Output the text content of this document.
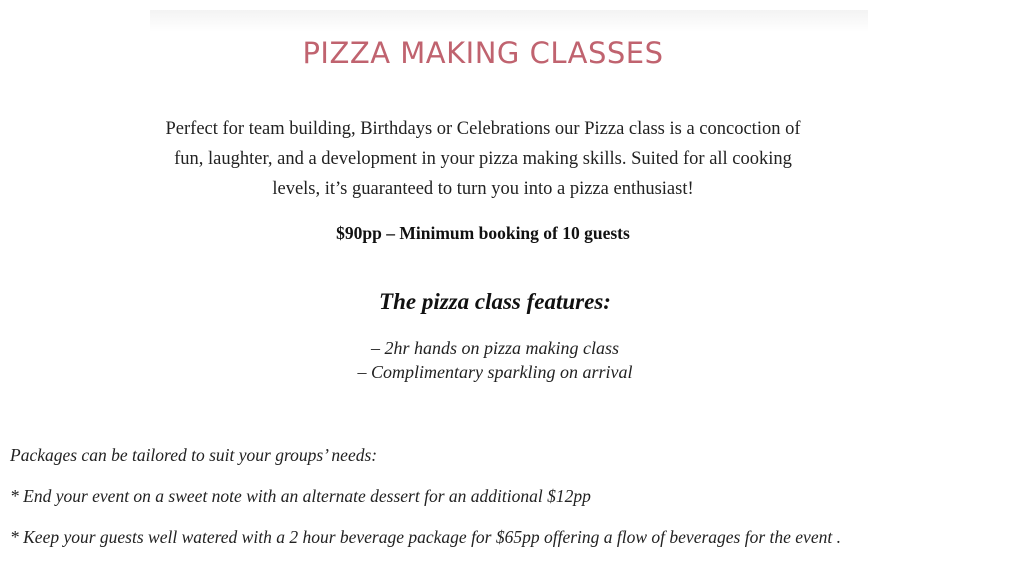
PIZZA MAKING CLASSES

Perfect for team building, Birthdays or Celebrations our Pizza class is a concoction of fun, laughter, and a development in your pizza making skills. Suited for all cooking levels, it’s guaranteed to turn you into a pizza enthusiast!

$90pp – Minimum booking of 10 guests

The pizza class features:
– 2hr hands on pizza making class
– Complimentary sparkling on arrival
Packages can be tailored to suit your groups’ needs:
* End your event on a sweet note with an alternate dessert for an additional $12pp
* Keep your guests well watered with a 2 hour beverage package for $65pp offering a flow of beverages for the event .
